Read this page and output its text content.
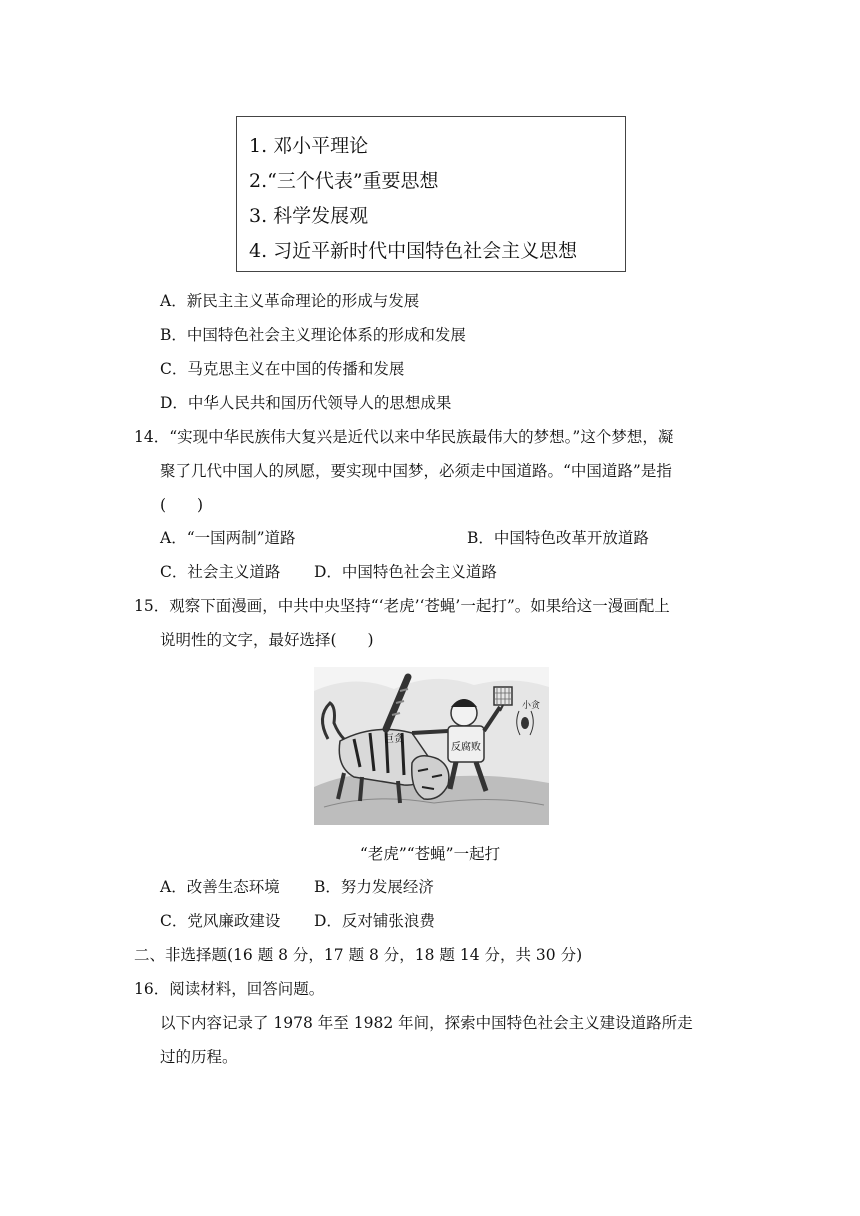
1. 邓小平理论
2.“三个代表”重要思想
3. 科学发展观
4. 习近平新时代中国特色社会主义思想
A．新民主主义革命理论的形成与发展
B．中国特色社会主义理论体系的形成和发展
C．马克思主义在中国的传播和发展
D．中华人民共和国历代领导人的思想成果
14．“实现中华民族伟大复兴是近代以来中华民族最伟大的梦想。”这个梦想，凝
聚了几代中国人的夙愿，要实现中国梦，必须走中国道路。“中国道路”是指
(　　)
A．“一国两制”道路	B．中国特色改革开放道路
C．社会主义道路 D．中国特色社会主义道路
15．观察下面漫画，中共中央坚持“‘老虎’‘苍蝇’一起打”。如果给这一漫画配上
说明性的文字，最好选择(　　)
巨贪
反腐败
小贪
“老虎”“苍蝇”一起打
A．改善生态环境 B．努力发展经济
C．党风廉政建设 D．反对铺张浪费
二、非选择题(16 题 8 分，17 题 8 分，18 题 14 分，共 30 分)
16．阅读材料，回答问题。
以下内容记录了 1978 年至 1982 年间，探索中国特色社会主义建设道路所走
过的历程。
